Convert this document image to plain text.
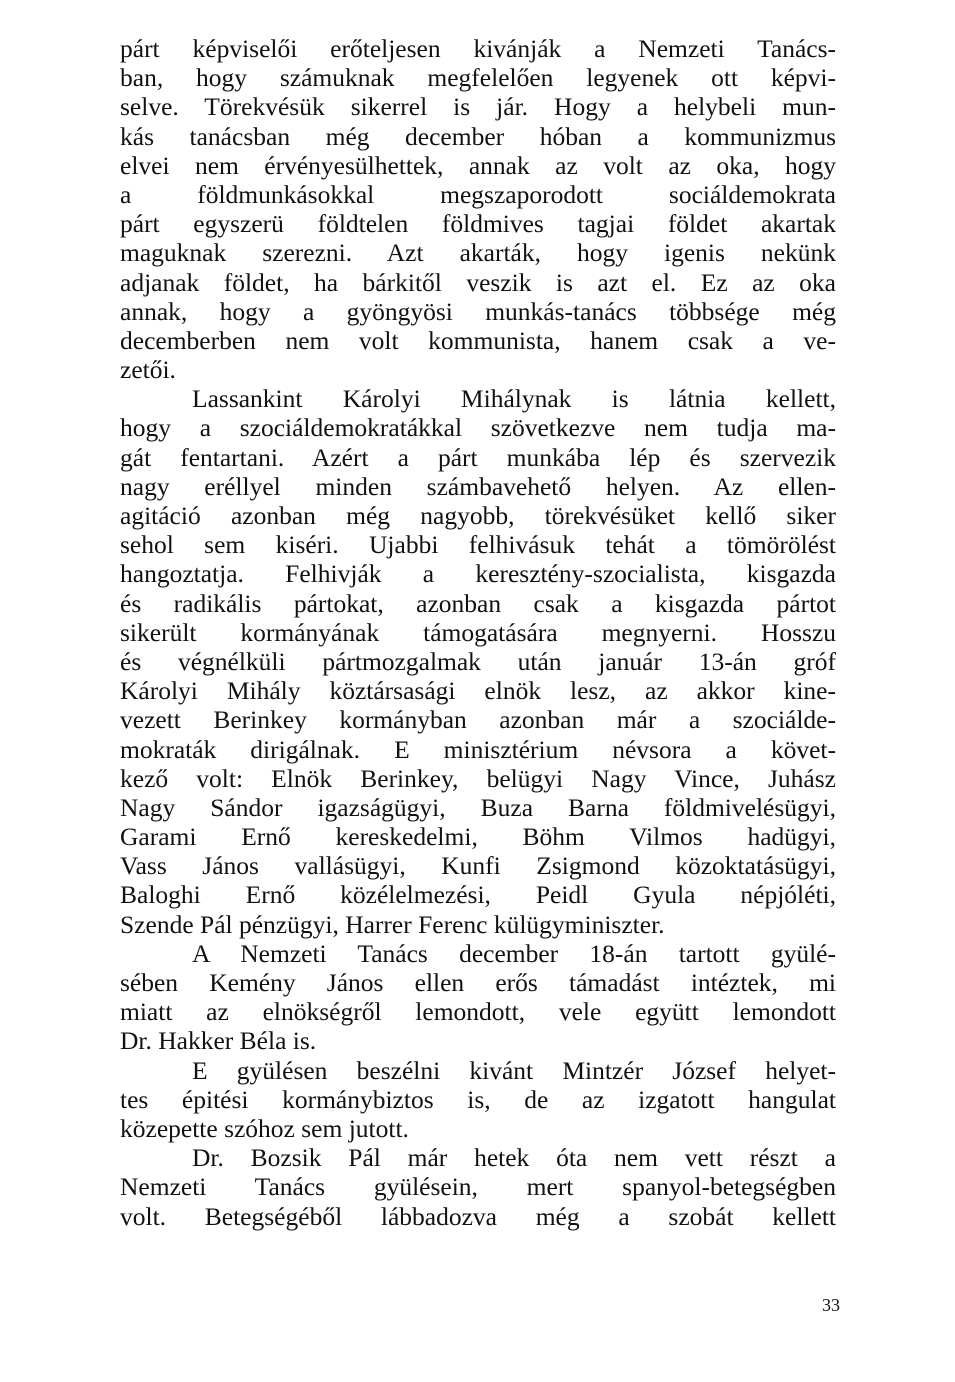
párt képviselői erőteljesen kivánják a Nemzeti Tanács-
ban, hogy számuknak megfelelően legyenek ott képvi-
selve. Törekvésük sikerrel is jár. Hogy a helybeli mun-
kás tanácsban még december hóban a kommunizmus
elvei nem érvényesülhettek, annak az volt az oka, hogy
a földmunkásokkal megszaporodott sociáldemokrata
párt egyszerü földtelen földmives tagjai földet akartak
maguknak szerezni. Azt akarták, hogy igenis nekünk
adjanak földet, ha bárkitől veszik is azt el. Ez az oka
annak, hogy a gyöngyösi munkás-tanács többsége még
decemberben nem volt kommunista, hanem csak a ve-
zetői.
Lassankint Károlyi Mihálynak is látnia kellett,
hogy a szociáldemokratákkal szövetkezve nem tudja ma-
gát fentartani. Azért a párt munkába lép és szervezik
nagy eréllyel minden számbavehető helyen. Az ellen-
agitáció azonban még nagyobb, törekvésüket kellő siker
sehol sem kiséri. Ujabbi felhivásuk tehát a tömörölést
hangoztatja. Felhivják a keresztény-szocialista, kisgazda
és radikális pártokat, azonban csak a kisgazda pártot
sikerült kormányának támogatására megnyerni. Hosszu
és végnélküli pártmozgalmak után január 13-án gróf
Károlyi Mihály köztársasági elnök lesz, az akkor kine-
vezett Berinkey kormányban azonban már a szociálde-
mokraták dirigálnak. E minisztérium névsora a követ-
kező volt: Elnök Berinkey, belügyi Nagy Vince, Juhász
Nagy Sándor igazságügyi, Buza Barna földmivelésügyi,
Garami Ernő kereskedelmi, Böhm Vilmos hadügyi,
Vass János vallásügyi, Kunfi Zsigmond közoktatásügyi,
Baloghi Ernő közélelmezési, Peidl Gyula népjóléti,
Szende Pál pénzügyi, Harrer Ferenc külügyminiszter.
A Nemzeti Tanács december 18-án tartott gyülé-
sében Kemény János ellen erős támadást intéztek, mi
miatt az elnökségről lemondott, vele együtt lemondott
Dr. Hakker Béla is.
E gyülésen beszélni kivánt Mintzér József helyet-
tes épitési kormánybiztos is, de az izgatott hangulat
közepette szóhoz sem jutott.
Dr. Bozsik Pál már hetek óta nem vett részt a
Nemzeti Tanács gyülésein, mert spanyol-betegségben
volt. Betegségéből lábbadozva még a szobát kellett
33
